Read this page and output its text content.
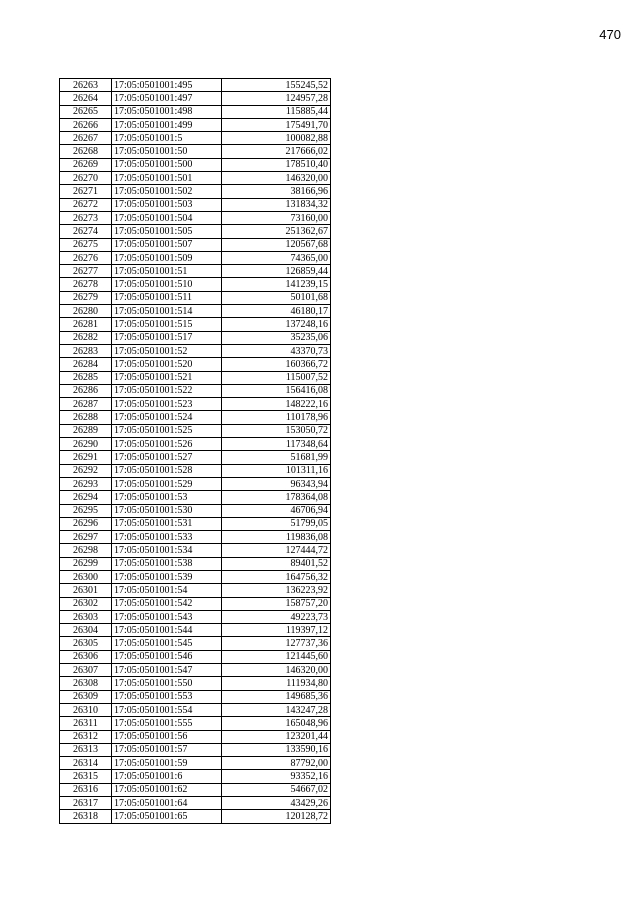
470
26263	17:05:0501001:495	155245,52
26264	17:05:0501001:497	124957,28
26265	17:05:0501001:498	115885,44
26266	17:05:0501001:499	175491,70
26267	17:05:0501001:5	100082,88
26268	17:05:0501001:50	217666,02
26269	17:05:0501001:500	178510,40
26270	17:05:0501001:501	146320,00
26271	17:05:0501001:502	38166,96
26272	17:05:0501001:503	131834,32
26273	17:05:0501001:504	73160,00
26274	17:05:0501001:505	251362,67
26275	17:05:0501001:507	120567,68
26276	17:05:0501001:509	74365,00
26277	17:05:0501001:51	126859,44
26278	17:05:0501001:510	141239,15
26279	17:05:0501001:511	50101,68
26280	17:05:0501001:514	46180,17
26281	17:05:0501001:515	137248,16
26282	17:05:0501001:517	35235,06
26283	17:05:0501001:52	43370,73
26284	17:05:0501001:520	160366,72
26285	17:05:0501001:521	115007,52
26286	17:05:0501001:522	156416,08
26287	17:05:0501001:523	148222,16
26288	17:05:0501001:524	110178,96
26289	17:05:0501001:525	153050,72
26290	17:05:0501001:526	117348,64
26291	17:05:0501001:527	51681,99
26292	17:05:0501001:528	101311,16
26293	17:05:0501001:529	96343,94
26294	17:05:0501001:53	178364,08
26295	17:05:0501001:530	46706,94
26296	17:05:0501001:531	51799,05
26297	17:05:0501001:533	119836,08
26298	17:05:0501001:534	127444,72
26299	17:05:0501001:538	89401,52
26300	17:05:0501001:539	164756,32
26301	17:05:0501001:54	136223,92
26302	17:05:0501001:542	158757,20
26303	17:05:0501001:543	49223,73
26304	17:05:0501001:544	119397,12
26305	17:05:0501001:545	127737,36
26306	17:05:0501001:546	121445,60
26307	17:05:0501001:547	146320,00
26308	17:05:0501001:550	111934,80
26309	17:05:0501001:553	149685,36
26310	17:05:0501001:554	143247,28
26311	17:05:0501001:555	165048,96
26312	17:05:0501001:56	123201,44
26313	17:05:0501001:57	133590,16
26314	17:05:0501001:59	87792,00
26315	17:05:0501001:6	93352,16
26316	17:05:0501001:62	54667,02
26317	17:05:0501001:64	43429,26
26318	17:05:0501001:65	120128,72
